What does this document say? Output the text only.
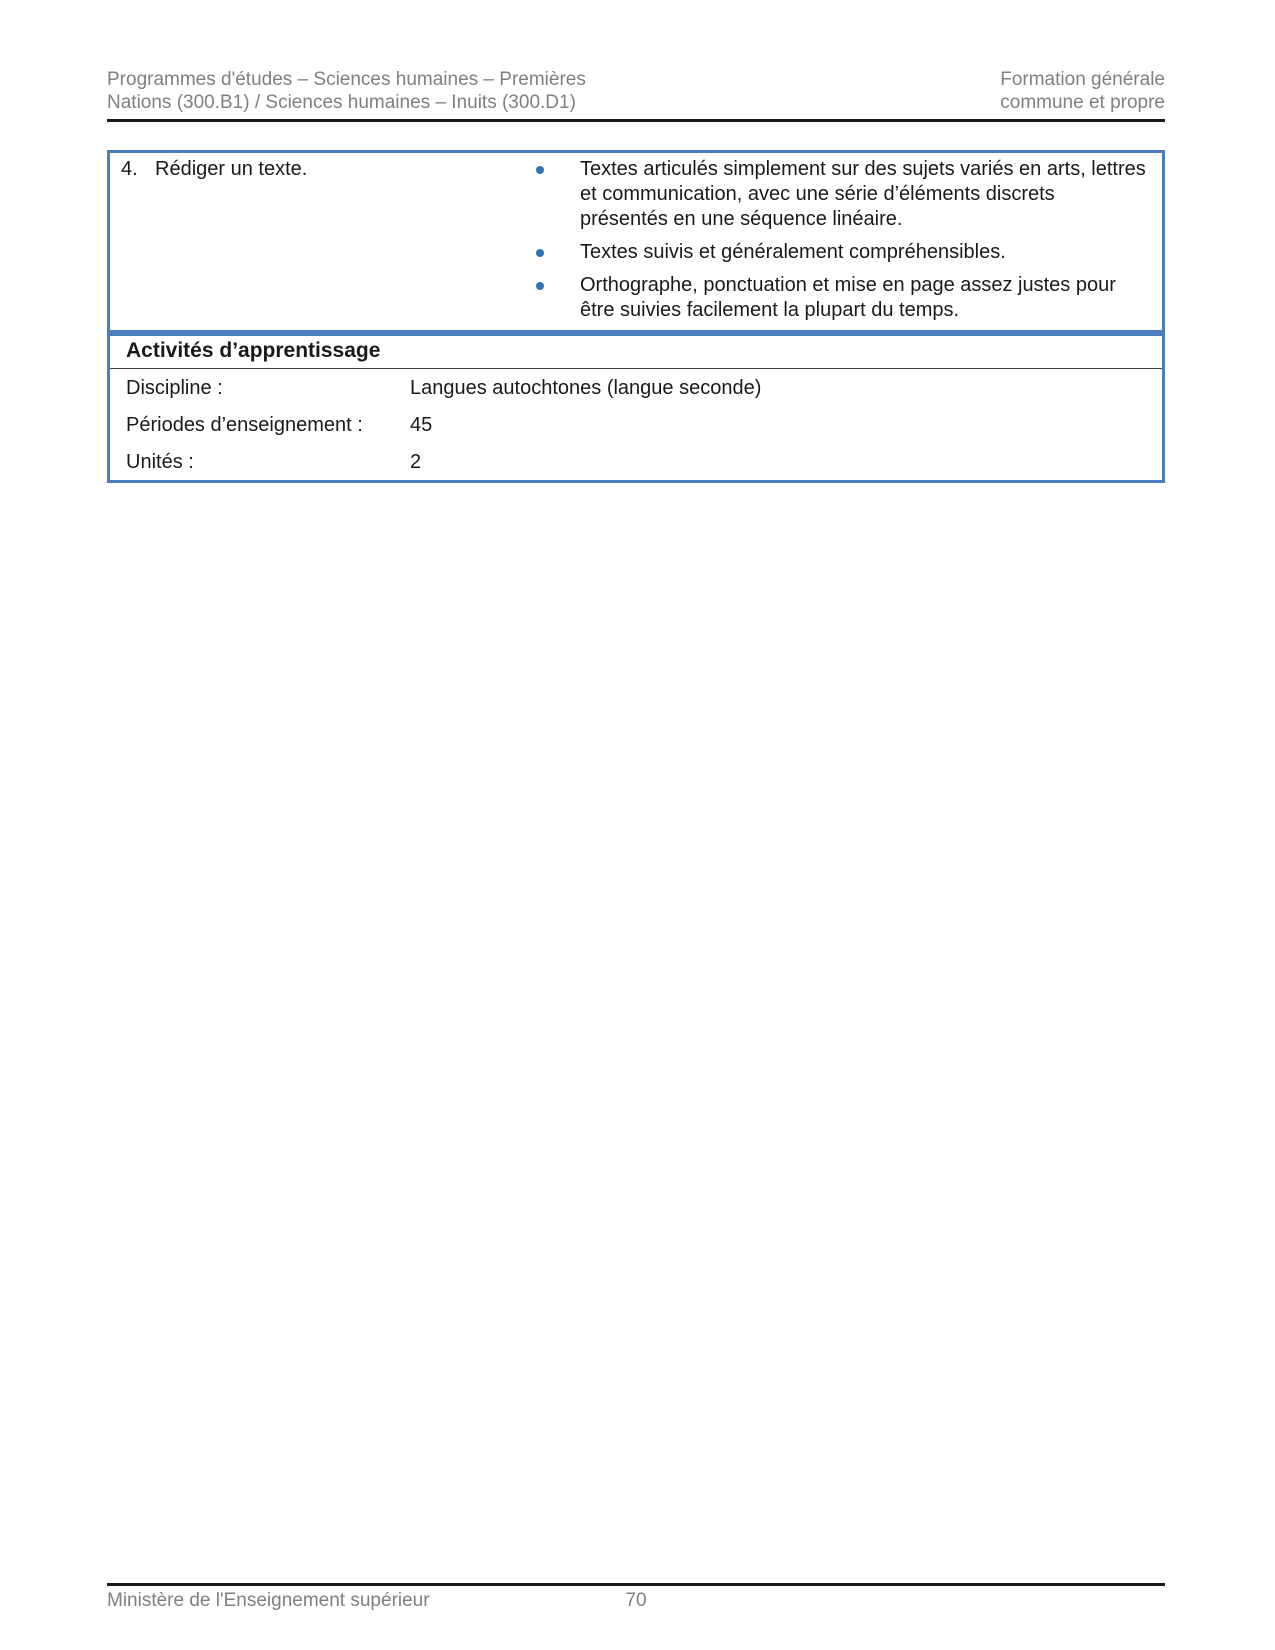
Programmes d'études – Sciences humaines – Premières
Nations (300.B1) / Sciences humaines – Inuits (300.D1)
Formation générale
commune et propre
4. Rédiger un texte.	Textes articulés simplement sur des sujets variés en arts, lettres et communication, avec une série d’éléments discrets présentés en une séquence linéaire.
Textes suivis et généralement compréhensibles.
Orthographe, ponctuation et mise en page assez justes pour être suivies facilement la plupart du temps.
Activités d’apprentissage
Discipline :	Langues autochtones (langue seconde)
Périodes d’enseignement :	45
Unités :	2
Ministère de l'Enseignement supérieur	70
